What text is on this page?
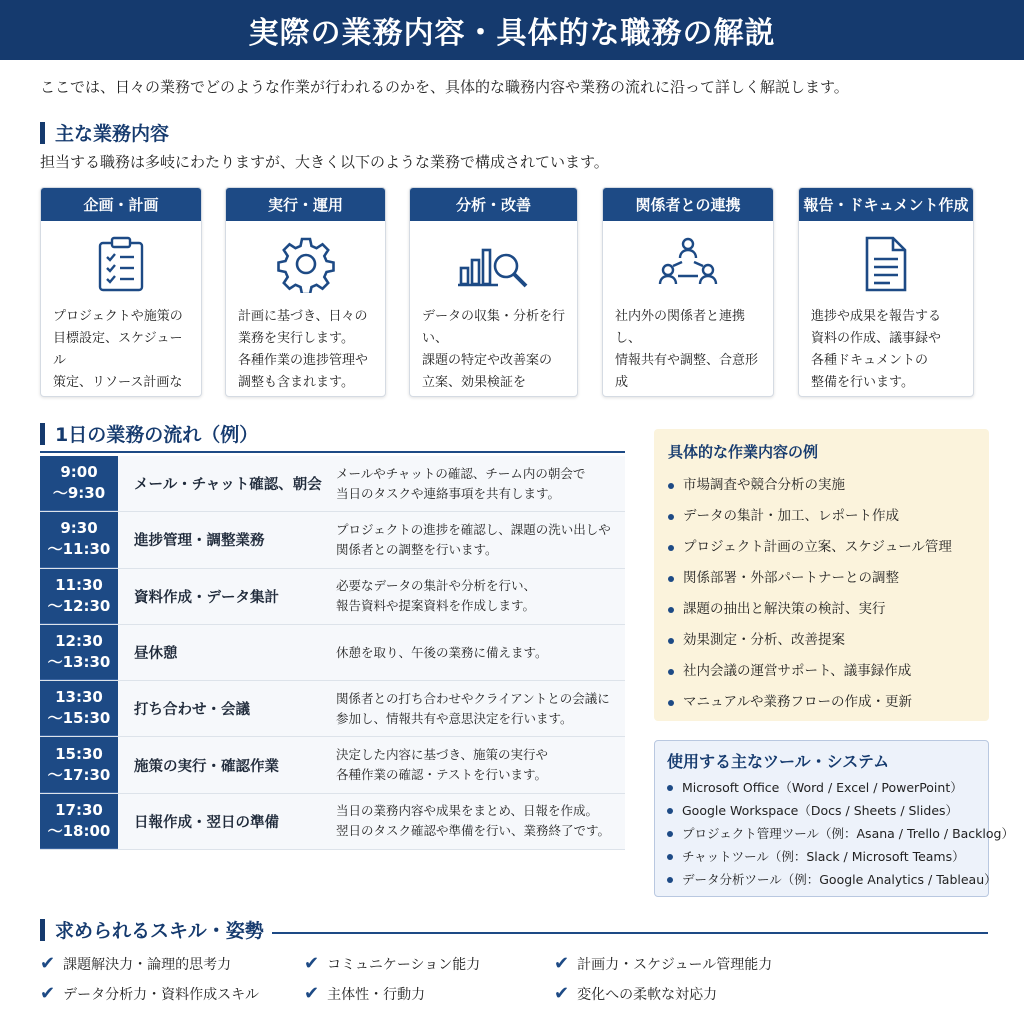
実際の業務内容・具体的な職務の解説

ここでは、日々の業務でどのような作業が行われるのかを、具体的な職務内容や業務の流れに沿って詳しく解説します。

主な業務内容

担当する職務は多岐にわたりますが、大きく以下のような業務で構成されています。

企画・計画
プロジェクトや施策の
目標設定、スケジュール
策定、リソース計画な

実行・運用
計画に基づき、日々の
業務を実行します。
各種作業の進捗管理や
調整も含まれます。
分析・改善
データの収集・分析を行い、
課題の特定や改善案の
立案、効果検証を

関係者との連携
社内外の関係者と連携し、
情報共有や調整、合意形成

報告・ドキュメント作成
進捗や成果を報告する
資料の作成、議事録や
各種ドキュメントの
整備を行います。
1日の業務の流れ（例）
9:00
～9:30	メール・チャット確認、朝会
メールやチャットの確認、チーム内の朝会で
当日のタスクや連絡事項を共有します。
9:30
～11:30	進捗管理・調整業務
プロジェクトの進捗を確認し、課題の洗い出しや
関係者との調整を行います。
11:30
～12:30	資料作成・データ集計
必要なデータの集計や分析を行い、
報告資料や提案資料を作成します。
12:30
～13:30	昼休憩	休憩を取り、午後の業務に備えます。
13:30
～15:30	打ち合わせ・会議
関係者との打ち合わせやクライアントとの会議に
参加し、情報共有や意思決定を行います。
15:30
～17:30	施策の実行・確認作業
決定した内容に基づき、施策の実行や
各種作業の確認・テストを行います。
17:30
～18:00	日報作成・翌日の準備
当日の業務内容や成果をまとめ、日報を作成。
翌日のタスク確認や準備を行い、業務終了です。
具体的な作業内容の例
市場調査や競合分析の実施
データの集計・加工、レポート作成
プロジェクト計画の立案、スケジュール管理
関係部署・外部パートナーとの調整
課題の抽出と解決策の検討、実行
効果測定・分析、改善提案
社内会議の運営サポート、議事録作成
マニュアルや業務フローの作成・更新
使用する主なツール・システム
Microsoft Office（Word / Excel / PowerPoint）
Google Workspace（Docs / Sheets / Slides）
プロジェクト管理ツール（例：Asana / Trello / Backlog）
チャットツール（例：Slack / Microsoft Teams）
データ分析ツール（例：Google Analytics / Tableau）
求められるスキル・姿勢
✔ 課題解決力・論理的思考力	✔ コミュニケーション能力	✔ 計画力・スケジュール管理能力
✔ データ分析力・資料作成スキル	✔ 主体性・行動力	✔ 変化への柔軟な対応力
